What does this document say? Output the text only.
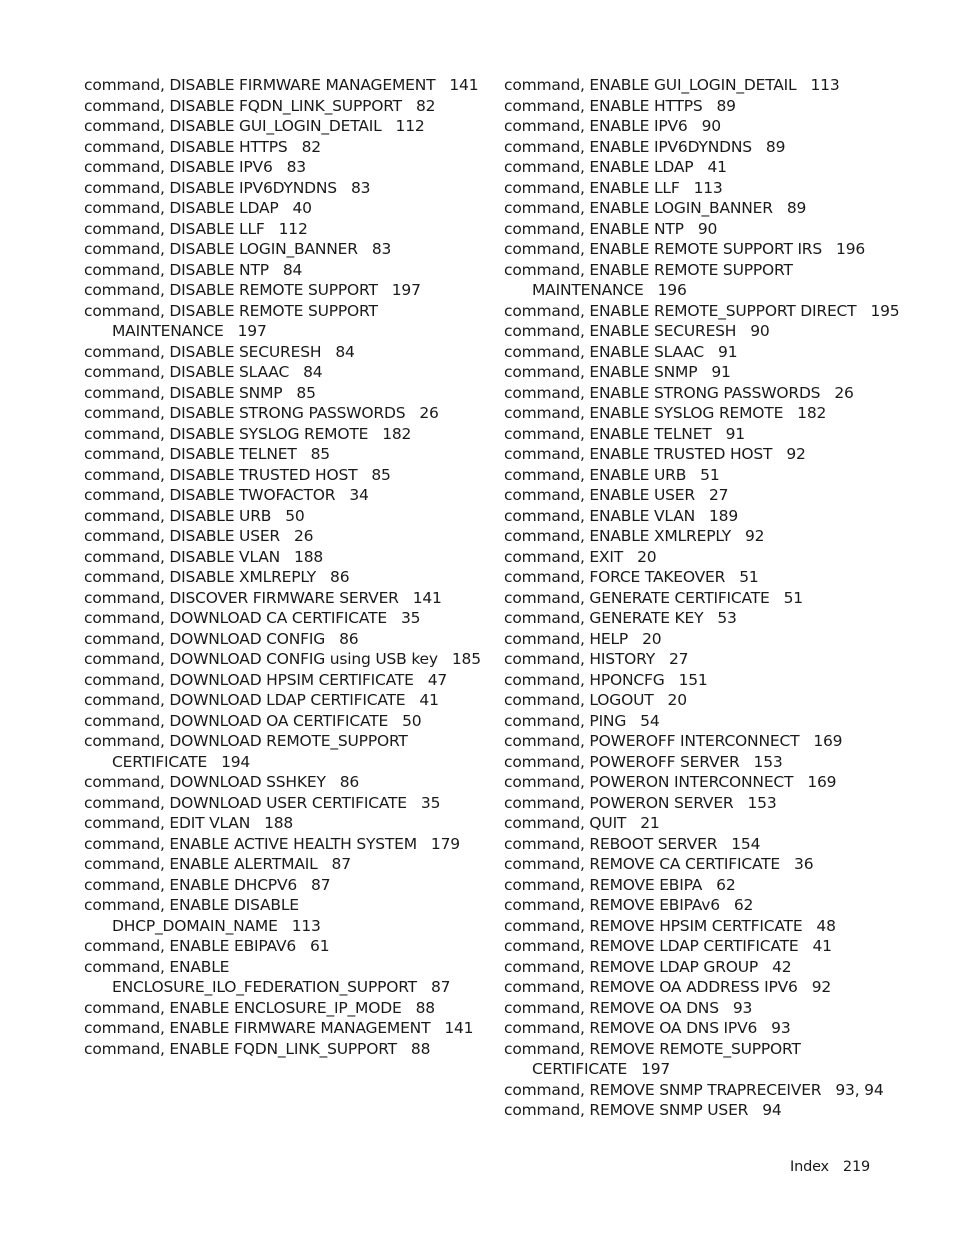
command, DISABLE FIRMWARE MANAGEMENT 141
command, DISABLE FQDN_LINK_SUPPORT 82
command, DISABLE GUI_LOGIN_DETAIL 112
command, DISABLE HTTPS 82
command, DISABLE IPV6 83
command, DISABLE IPV6DYNDNS 83
command, DISABLE LDAP 40
command, DISABLE LLF 112
command, DISABLE LOGIN_BANNER 83
command, DISABLE NTP 84
command, DISABLE REMOTE SUPPORT 197
command, DISABLE REMOTE SUPPORT MAINTENANCE 197
command, DISABLE SECURESH 84
command, DISABLE SLAAC 84
command, DISABLE SNMP 85
command, DISABLE STRONG PASSWORDS 26
command, DISABLE SYSLOG REMOTE 182
command, DISABLE TELNET 85
command, DISABLE TRUSTED HOST 85
command, DISABLE TWOFACTOR 34
command, DISABLE URB 50
command, DISABLE USER 26
command, DISABLE VLAN 188
command, DISABLE XMLREPLY 86
command, DISCOVER FIRMWARE SERVER 141
command, DOWNLOAD CA CERTIFICATE 35
command, DOWNLOAD CONFIG 86
command, DOWNLOAD CONFIG using USB key 185
command, DOWNLOAD HPSIM CERTIFICATE 47
command, DOWNLOAD LDAP CERTIFICATE 41
command, DOWNLOAD OA CERTIFICATE 50
command, DOWNLOAD REMOTE_SUPPORT CERTIFICATE 194
command, DOWNLOAD SSHKEY 86
command, DOWNLOAD USER CERTIFICATE 35
command, EDIT VLAN 188
command, ENABLE ACTIVE HEALTH SYSTEM 179
command, ENABLE ALERTMAIL 87
command, ENABLE DHCPV6 87
command, ENABLE DISABLE DHCP_DOMAIN_NAME 113
command, ENABLE EBIPAV6 61
command, ENABLE ENCLOSURE_ILO_FEDERATION_SUPPORT 87
command, ENABLE ENCLOSURE_IP_MODE 88
command, ENABLE FIRMWARE MANAGEMENT 141
command, ENABLE FQDN_LINK_SUPPORT 88
command, ENABLE GUI_LOGIN_DETAIL 113
command, ENABLE HTTPS 89
command, ENABLE IPV6 90
command, ENABLE IPV6DYNDNS 89
command, ENABLE LDAP 41
command, ENABLE LLF 113
command, ENABLE LOGIN_BANNER 89
command, ENABLE NTP 90
command, ENABLE REMOTE SUPPORT IRS 196
command, ENABLE REMOTE SUPPORT MAINTENANCE 196
command, ENABLE REMOTE_SUPPORT DIRECT 195
command, ENABLE SECURESH 90
command, ENABLE SLAAC 91
command, ENABLE SNMP 91
command, ENABLE STRONG PASSWORDS 26
command, ENABLE SYSLOG REMOTE 182
command, ENABLE TELNET 91
command, ENABLE TRUSTED HOST 92
command, ENABLE URB 51
command, ENABLE USER 27
command, ENABLE VLAN 189
command, ENABLE XMLREPLY 92
command, EXIT 20
command, FORCE TAKEOVER 51
command, GENERATE CERTIFICATE 51
command, GENERATE KEY 53
command, HELP 20
command, HISTORY 27
command, HPONCFG 151
command, LOGOUT 20
command, PING 54
command, POWEROFF INTERCONNECT 169
command, POWEROFF SERVER 153
command, POWERON INTERCONNECT 169
command, POWERON SERVER 153
command, QUIT 21
command, REBOOT SERVER 154
command, REMOVE CA CERTIFICATE 36
command, REMOVE EBIPA 62
command, REMOVE EBIPAv6 62
command, REMOVE HPSIM CERTFICATE 48
command, REMOVE LDAP CERTIFICATE 41
command, REMOVE LDAP GROUP 42
command, REMOVE OA ADDRESS IPV6 92
command, REMOVE OA DNS 93
command, REMOVE OA DNS IPV6 93
command, REMOVE REMOTE_SUPPORT CERTIFICATE 197
command, REMOVE SNMP TRAPRECEIVER 93, 94
command, REMOVE SNMP USER 94
Index 219
